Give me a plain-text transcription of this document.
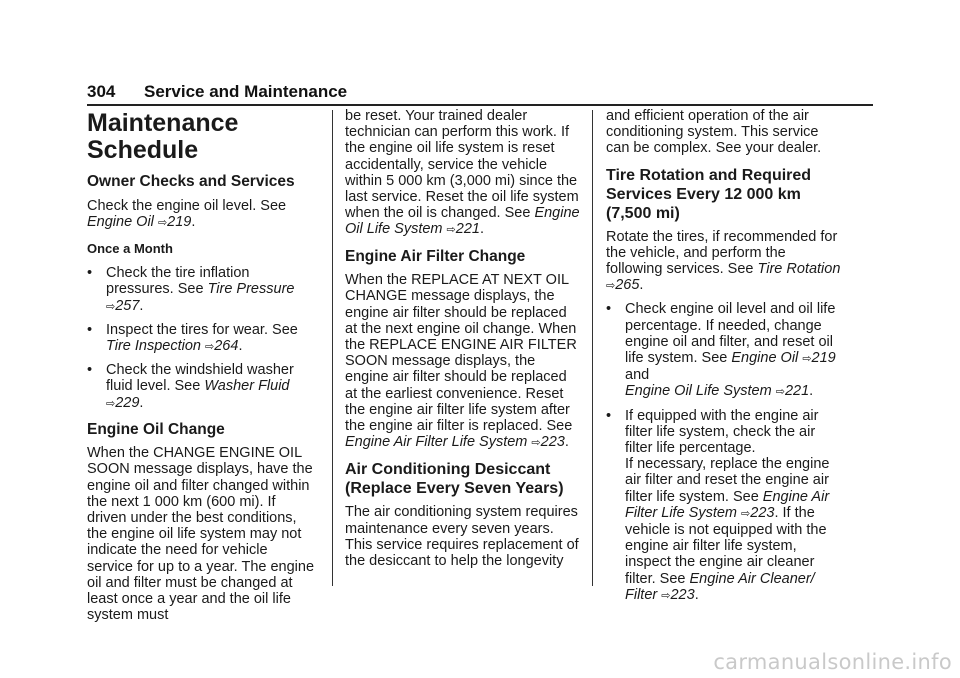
304 Service and Maintenance
Maintenance
Schedule
Owner Checks and Services

Check the engine oil level. See
Engine Oil ⇨219.

Once a Month
• Check the tire inflation pressures. See Tire Pressure
⇨257.
• Inspect the tires for wear. See
Tire Inspection ⇨264.
• Check the windshield washer fluid level. See Washer Fluid
⇨229.
Engine Oil Change

When the CHANGE ENGINE OIL SOON message displays, have the engine oil and filter changed within the next 1 000 km (600 mi). If driven under the best conditions, the engine oil life system may not indicate the need for vehicle service for up to a year. The engine oil and filter must be changed at least once a year and the oil life system must

be reset. Your trained dealer technician can perform this work. If the engine oil life system is reset accidentally, service the vehicle within 5 000 km (3,000 mi) since the last service. Reset the oil life system when the oil is changed. See Engine Oil Life System ⇨221.

Engine Air Filter Change

When the REPLACE AT NEXT OIL CHANGE message displays, the engine air filter should be replaced at the next engine oil change. When the REPLACE ENGINE AIR FILTER SOON message displays, the engine air filter should be replaced at the earliest convenience. Reset the engine air filter life system after the engine air filter is replaced. See Engine Air Filter Life System ⇨223.

Air Conditioning Desiccant
(Replace Every Seven Years)

The air conditioning system requires maintenance every seven years. This service requires replacement of the desiccant to help the longevity

and efficient operation of the air conditioning system. This service can be complex. See your dealer.

Tire Rotation and Required
Services Every 12 000 km
(7,500 mi)

Rotate the tires, if recommended for the vehicle, and perform the following services. See Tire Rotation ⇨265.

• Check engine oil level and oil life percentage. If needed, change engine oil and filter, and reset oil life system. See Engine Oil ⇨219 and
Engine Oil Life System ⇨221.
• If equipped with the engine air filter life system, check the air filter life percentage.
If necessary, replace the engine air filter and reset the engine air filter life system. See Engine Air Filter Life System ⇨223. If the vehicle is not equipped with the engine air filter life system, inspect the engine air cleaner filter. See Engine Air Cleaner/ Filter ⇨223.
carmanualsonline.info
